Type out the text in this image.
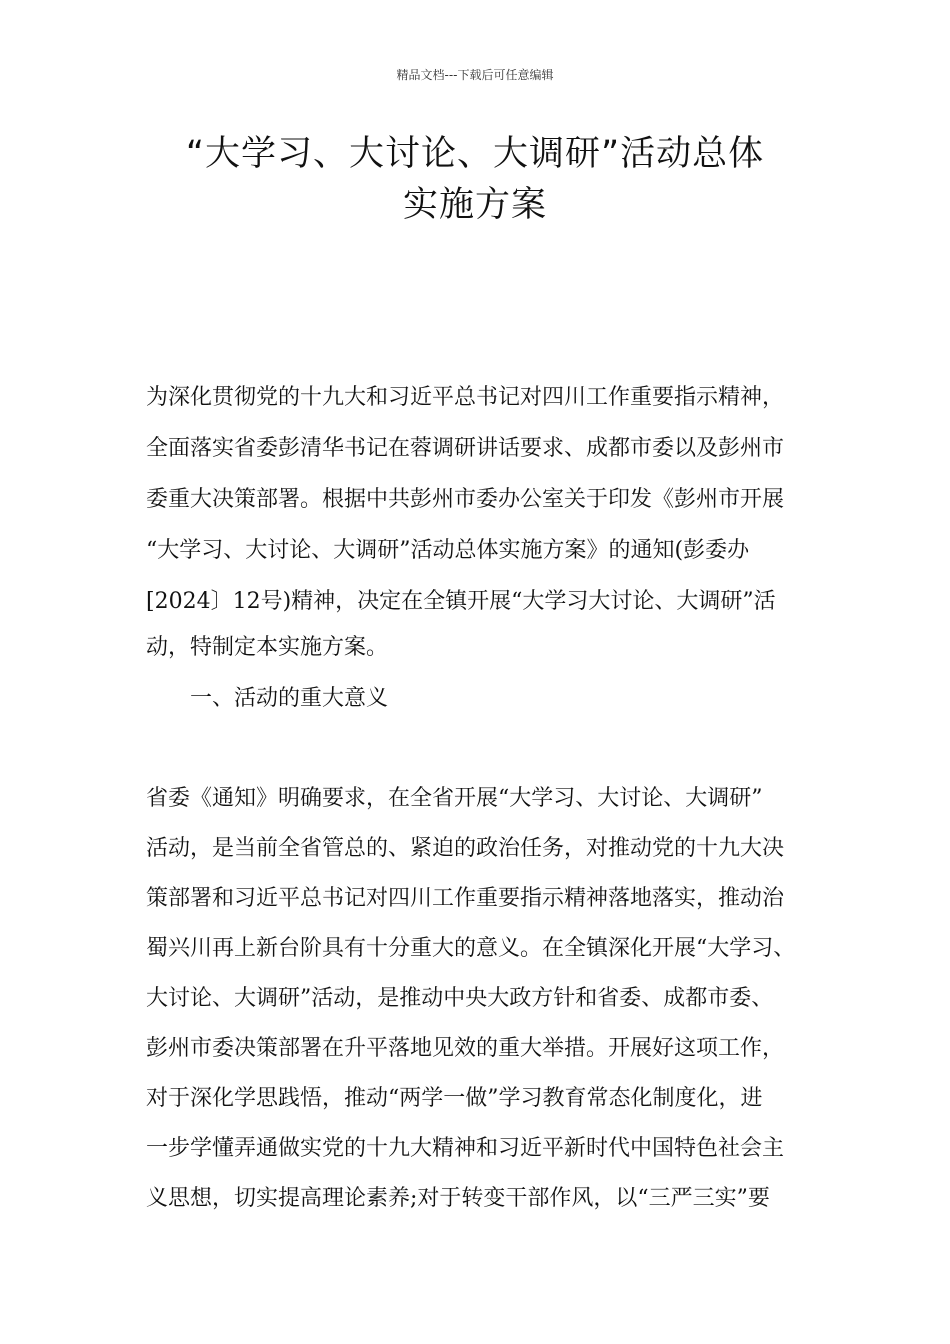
精品文档---下载后可任意编辑
“大学习、大讨论、大调研”活动总体
实施方案
为深化贯彻党的十九大和习近平总书记对四川工作重要指示精神，
全面落实省委彭清华书记在蓉调研讲话要求、成都市委以及彭州市
委重大决策部署。根据中共彭州市委办公室关于印发《彭州市开展
“大学习、大讨论、大调研”活动总体实施方案》的通知(彭委办
[2024〕12号)精神，决定在全镇开展“大学习大讨论、大调研”活
动，特制定本实施方案。
一、活动的重大意义
省委《通知》明确要求，在全省开展“大学习、大讨论、大调研”
活动，是当前全省管总的、紧迫的政治任务，对推动党的十九大决
策部署和习近平总书记对四川工作重要指示精神落地落实，推动治
蜀兴川再上新台阶具有十分重大的意义。在全镇深化开展“大学习、
大讨论、大调研”活动，是推动中央大政方针和省委、成都市委、
彭州市委决策部署在升平落地见效的重大举措。开展好这项工作，
对于深化学思践悟，推动“两学一做”学习教育常态化制度化，进
一步学懂弄通做实党的十九大精神和习近平新时代中国特色社会主
义思想，切实提高理论素养;对于转变干部作风，以“三严三实”要
